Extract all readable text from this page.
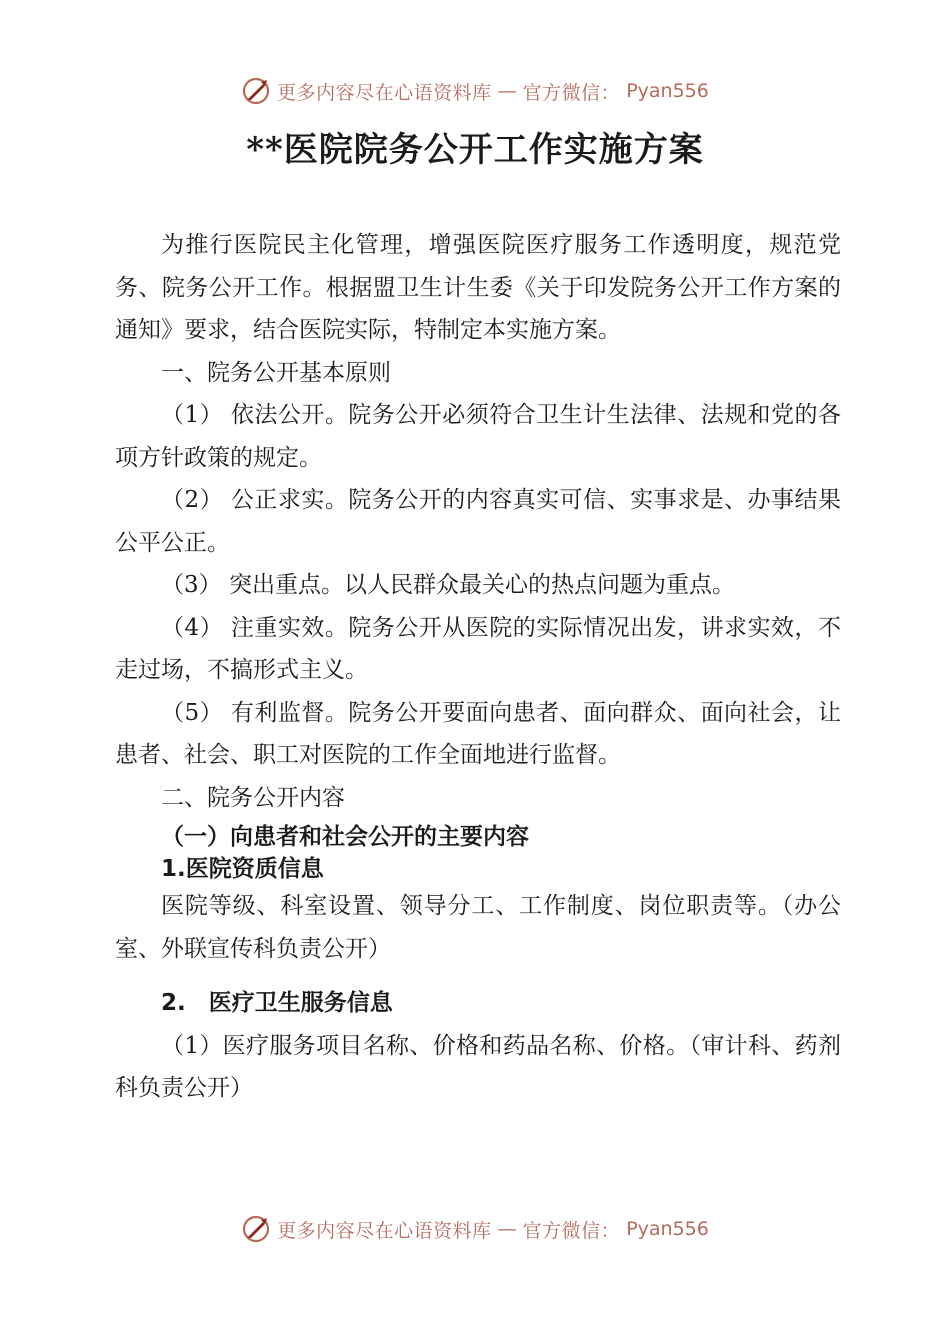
更多内容尽在心语资料库 — 官方微信： Pyan556
**医院院务公开工作实施方案

为推行医院民主化管理，增强医院医疗服务工作透明度，规范党务、院务公开工作。根据盟卫生计生委《关于印发院务公开工作方案的通知》要求，结合医院实际，特制定本实施方案。

一、院务公开基本原则

（1） 依法公开。院务公开必须符合卫生计生法律、法规和党的各项方针政策的规定。

（2） 公正求实。院务公开的内容真实可信、实事求是、办事结果公平公正。

（3） 突出重点。以人民群众最关心的热点问题为重点。

（4） 注重实效。院务公开从医院的实际情况出发，讲求实效，不走过场，不搞形式主义。

（5） 有利监督。院务公开要面向患者、面向群众、面向社会，让患者、社会、职工对医院的工作全面地进行监督。

二、院务公开内容

（一）向患者和社会公开的主要内容

1.医院资质信息

医院等级、科室设置、领导分工、工作制度、岗位职责等。（办公室、外联宣传科负责公开）

2.　医疗卫生服务信息

（1）医疗服务项目名称、价格和药品名称、价格。（审计科、药剂科负责公开）

更多内容尽在心语资料库 — 官方微信： Pyan556
